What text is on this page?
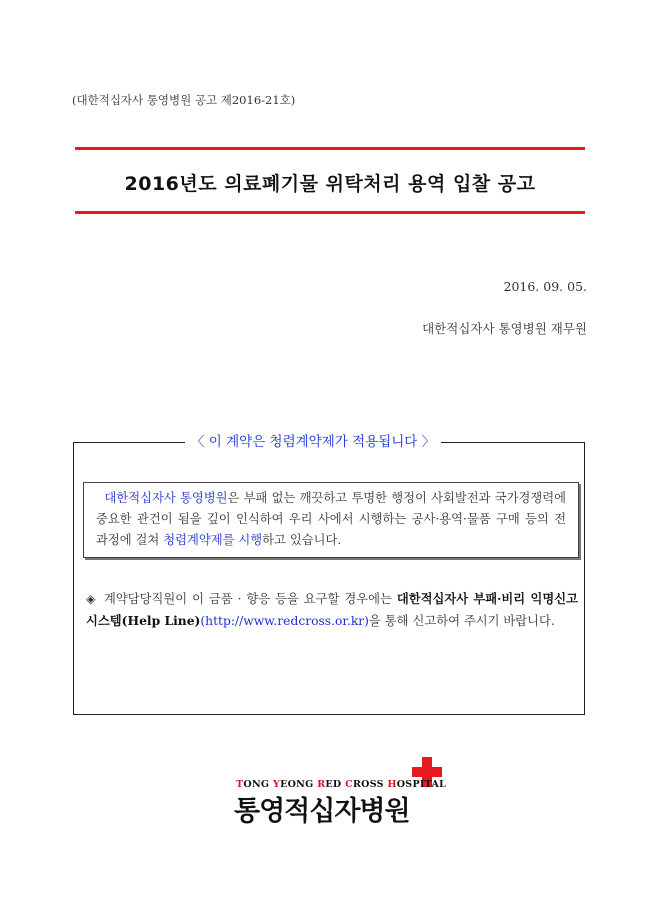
(대한적십자사 통영병원 공고 제2016-21호)
2016년도 의료폐기물 위탁처리 용역 입찰 공고
2016. 09. 05.
대한적십자사 통영병원 재무원
〈 이 계약은 청렴계약제가 적용됩니다 〉
대한적십자사 통영병원은 부패 없는 깨끗하고 투명한 행정이 사회발전과 국가경쟁력에 중요한 관건이 됨을 깊이 인식하여 우리 사에서 시행하는 공사·용역·물품 구매 등의 전 과정에 걸쳐 청렴계약제를 시행하고 있습니다.
◈ 계약담당직원이 이 금품 · 향응 등을 요구할 경우에는 대한적십자사 부패·비리 익명신고시스템(Help Line)(http://www.redcross.or.kr)을 통해 신고하여 주시기 바랍니다.
TONG YEONG RED CROSS HOSPITAL
통영적십자병원
